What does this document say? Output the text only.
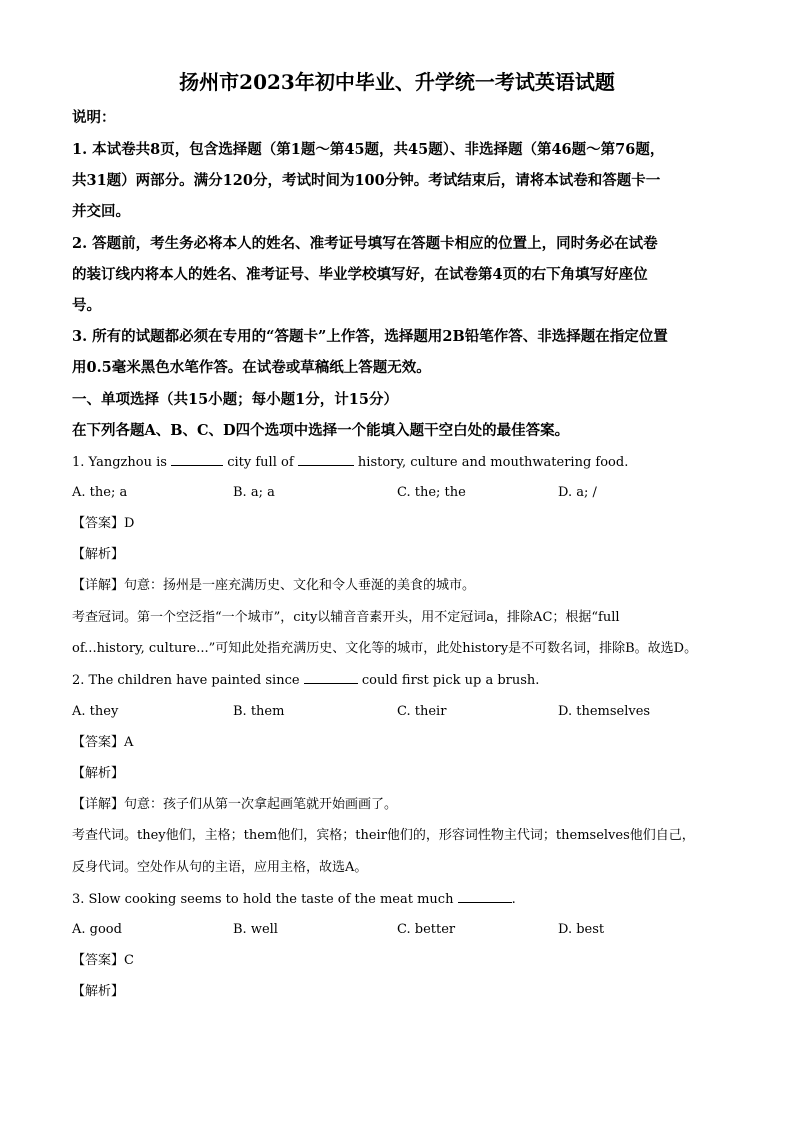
扬州市2023年初中毕业、升学统一考试英语试题
说明：
1. 本试卷共8页，包含选择题（第1题～第45题，共45题）、非选择题（第46题～第76题，
共31题）两部分。满分120分，考试时间为100分钟。考试结束后，请将本试卷和答题卡一
并交回。
2. 答题前，考生务必将本人的姓名、准考证号填写在答题卡相应的位置上，同时务必在试卷
的装订线内将本人的姓名、准考证号、毕业学校填写好，在试卷第4页的右下角填写好座位
号。
3. 所有的试题都必须在专用的“答题卡”上作答，选择题用2B铅笔作答、非选择题在指定位置
用0.5毫米黑色水笔作答。在试卷或草稿纸上答题无效。
一、单项选择（共15小题；每小题1分，计15分）
在下列各题A、B、C、D四个选项中选择一个能填入题干空白处的最佳答案。
1. Yangzhou is	city full of	history, culture and mouthwatering food.
A. the; a	B. a; a	C. the; the	D. a; /
【答案】D
【解析】
【详解】句意：扬州是一座充满历史、文化和令人垂涎的美食的城市。
考查冠词。第一个空泛指“一个城市”，city以辅音音素开头，用不定冠词a，排除AC；根据“full
of...history, culture...”可知此处指充满历史、文化等的城市，此处history是不可数名词，排除B。故选D。
2. The children have painted since	could first pick up a brush.
A. they	B. them	C. their	D. themselves
【答案】A
【解析】
【详解】句意：孩子们从第一次拿起画笔就开始画画了。
考查代词。they他们，主格；them他们，宾格；their他们的，形容词性物主代词；themselves他们自己，
反身代词。空处作从句的主语，应用主格，故选A。
3. Slow cooking seems to hold the taste of the meat much	.
A. good	B. well	C. better	D. best
【答案】C
【解析】
